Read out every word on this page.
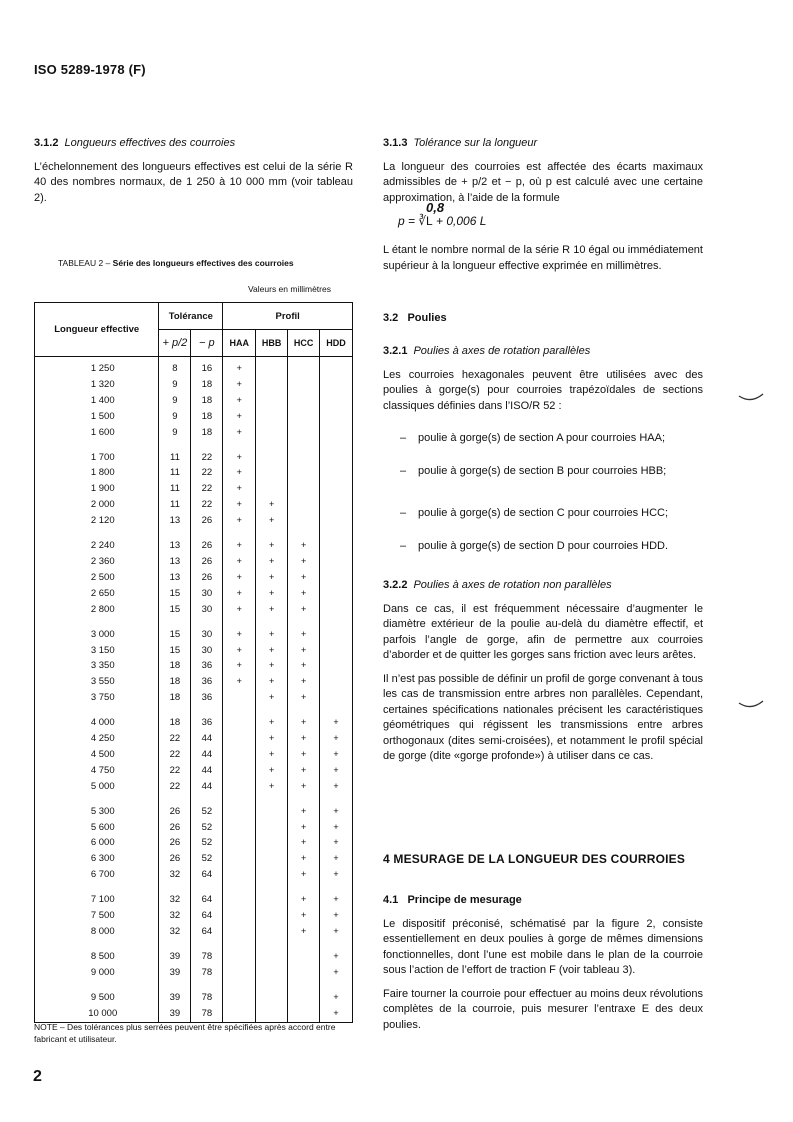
ISO 5289-1978 (F)

3.1.2 Longueurs effectives des courroies

L’échelonnement des longueurs effectives est celui de la série R 40 des nombres normaux, de 1 250 à 10 000 mm (voir tableau 2).

TABLEAU 2 – Série des longueurs effectives des courroies
Valeurs en millimètres
Longueur effective	Tolérance		Profil			
	+ p/2	− p	HAA	HBB	HCC	HDD
1 250	8	16	+			
1 320	9	18	+			
1 400	9	18	+			
1 500	9	18	+			
1 600	9	18	+			

1 700	11	22	+			
1 800	11	22	+			
1 900	11	22	+			
2 000	11	22	+	+		
2 120	13	26	+	+		

2 240	13	26	+	+	+	
2 360	13	26	+	+	+	
2 500	13	26	+	+	+	
2 650	15	30	+	+	+	
2 800	15	30	+	+	+	

3 000	15	30	+	+	+	
3 150	15	30	+	+	+	
3 350	18	36	+	+	+	
3 550	18	36	+	+	+	
3 750	18	36		+	+	

4 000	18	36		+	+	+
4 250	22	44		+	+	+
4 500	22	44		+	+	+
4 750	22	44		+	+	+
5 000	22	44		+	+	+

5 300	26	52			+	+
5 600	26	52			+	+
6 000	26	52			+	+
6 300	26	52			+	+
6 700	32	64			+	+

7 100	32	64			+	+
7 500	32	64			+	+
8 000	32	64			+	+

8 500	39	78				+
9 000	39	78				+

9 500	39	78				+
10 000	39	78				+
NOTE – Des tolérances plus serrées peuvent être spécifiées après accord entre fabricant et utilisateur.

3.1.3 Tolérance sur la longueur

La longueur des courroies est affectée des écarts maximaux admissibles de + p/2 et − p, où p est calculé avec une certaine approximation, à l’aide de la formule

0,8
p = ∛L + 0,006 L

L étant le nombre normal de la série R 10 égal ou immédiatement supérieur à la longueur effective exprimée en millimètres.

3.2 Poulies

3.2.1 Poulies à axes de rotation parallèles

Les courroies hexagonales peuvent être utilisées avec des poulies à gorge(s) pour courroies trapézoïdales de sections classiques définies dans l’ISO/R 52 :

– poulie à gorge(s) de section A pour courroies HAA;
– poulie à gorge(s) de section B pour courroies HBB;
– poulie à gorge(s) de section C pour courroies HCC;
– poulie à gorge(s) de section D pour courroies HDD.

3.2.2 Poulies à axes de rotation non parallèles

Dans ce cas, il est fréquemment nécessaire d’augmenter le diamètre extérieur de la poulie au-delà du diamètre effectif, et parfois l’angle de gorge, afin de permettre aux courroies d’aborder et de quitter les gorges sans friction avec leurs arêtes.

Il n’est pas possible de définir un profil de gorge convenant à tous les cas de transmission entre arbres non parallèles. Cependant, certaines spécifications nationales précisent les caractéristiques géométriques qui régissent les transmissions entre arbres orthogonaux (dites semi-croisées), et notamment le profil spécial de gorge (dite «gorge profonde») à utiliser dans ce cas.

4 MESURAGE DE LA LONGUEUR DES COURROIES

4.1 Principe de mesurage

Le dispositif préconisé, schématisé par la figure 2, consiste essentiellement en deux poulies à gorge de mêmes dimensions fonctionnelles, dont l’une est mobile dans le plan de la courroie sous l’action de l’effort de traction F (voir tableau 3).

Faire tourner la courroie pour effectuer au moins deux révolutions complètes de la courroie, puis mesurer l’entraxe E des deux poulies.

2
